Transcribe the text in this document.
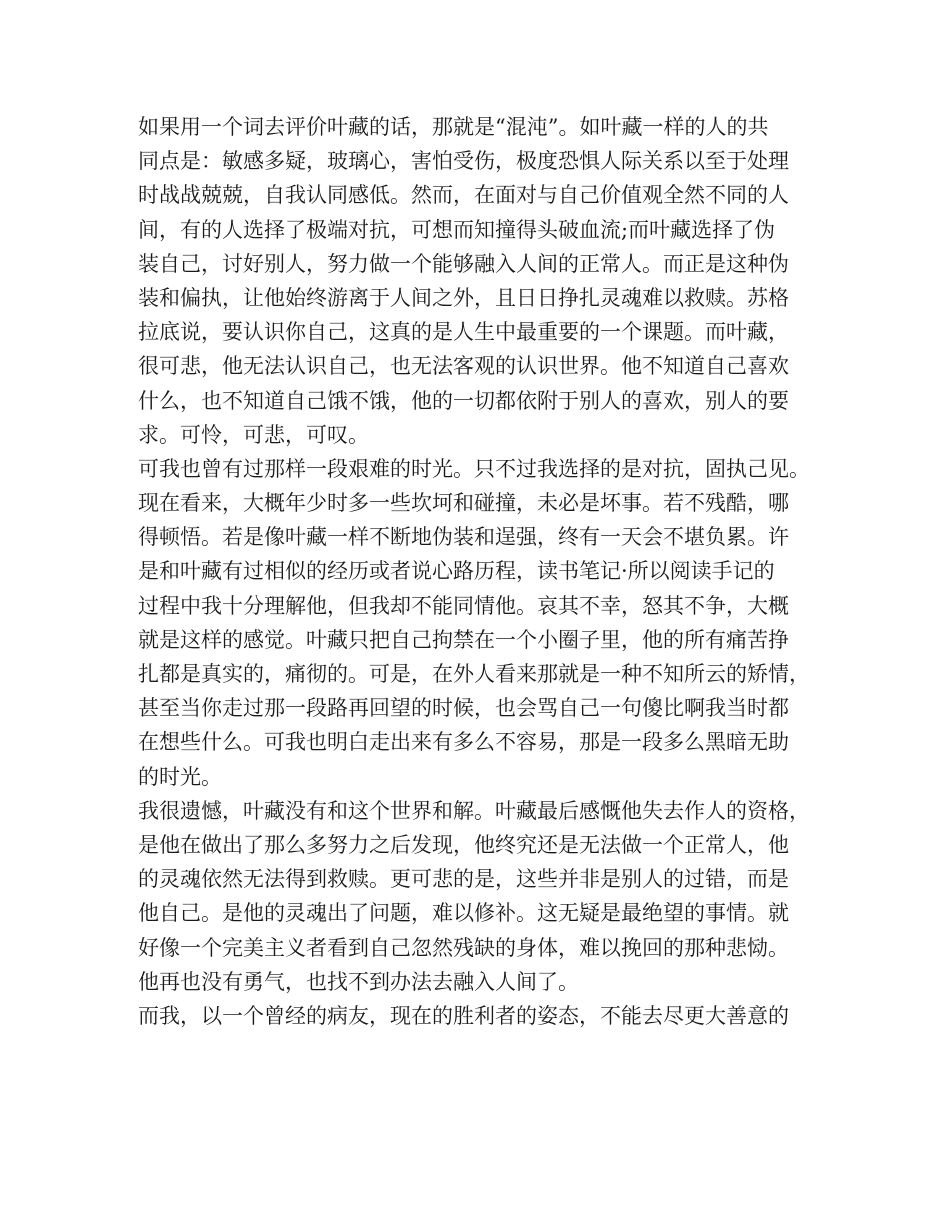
如果用一个词去评价叶藏的话，那就是“混沌”。如叶藏一样的人的共
同点是：敏感多疑，玻璃心，害怕受伤，极度恐惧人际关系以至于处理
时战战兢兢，自我认同感低。然而，在面对与自己价值观全然不同的人
间，有的人选择了极端对抗，可想而知撞得头破血流;而叶藏选择了伪
装自己，讨好别人，努力做一个能够融入人间的正常人。而正是这种伪
装和偏执，让他始终游离于人间之外，且日日挣扎灵魂难以救赎。苏格
拉底说，要认识你自己，这真的是人生中最重要的一个课题。而叶藏，
很可悲，他无法认识自己，也无法客观的认识世界。他不知道自己喜欢
什么，也不知道自己饿不饿，他的一切都依附于别人的喜欢，别人的要
求。可怜，可悲，可叹。
可我也曾有过那样一段艰难的时光。只不过我选择的是对抗，固执己见。
现在看来，大概年少时多一些坎坷和碰撞，未必是坏事。若不残酷，哪
得顿悟。若是像叶藏一样不断地伪装和逞强，终有一天会不堪负累。许
是和叶藏有过相似的经历或者说心路历程，读书笔记·所以阅读手记的
过程中我十分理解他，但我却不能同情他。哀其不幸，怒其不争，大概
就是这样的感觉。叶藏只把自己拘禁在一个小圈子里，他的所有痛苦挣
扎都是真实的，痛彻的。可是，在外人看来那就是一种不知所云的矫情，
甚至当你走过那一段路再回望的时候，也会骂自己一句傻比啊我当时都
在想些什么。可我也明白走出来有多么不容易，那是一段多么黑暗无助
的时光。
我很遗憾，叶藏没有和这个世界和解。叶藏最后感慨他失去作人的资格，
是他在做出了那么多努力之后发现，他终究还是无法做一个正常人，他
的灵魂依然无法得到救赎。更可悲的是，这些并非是别人的过错，而是
他自己。是他的灵魂出了问题，难以修补。这无疑是最绝望的事情。就
好像一个完美主义者看到自己忽然残缺的身体，难以挽回的那种悲恸。
他再也没有勇气，也找不到办法去融入人间了。
而我，以一个曾经的病友，现在的胜利者的姿态，不能去尽更大善意的
